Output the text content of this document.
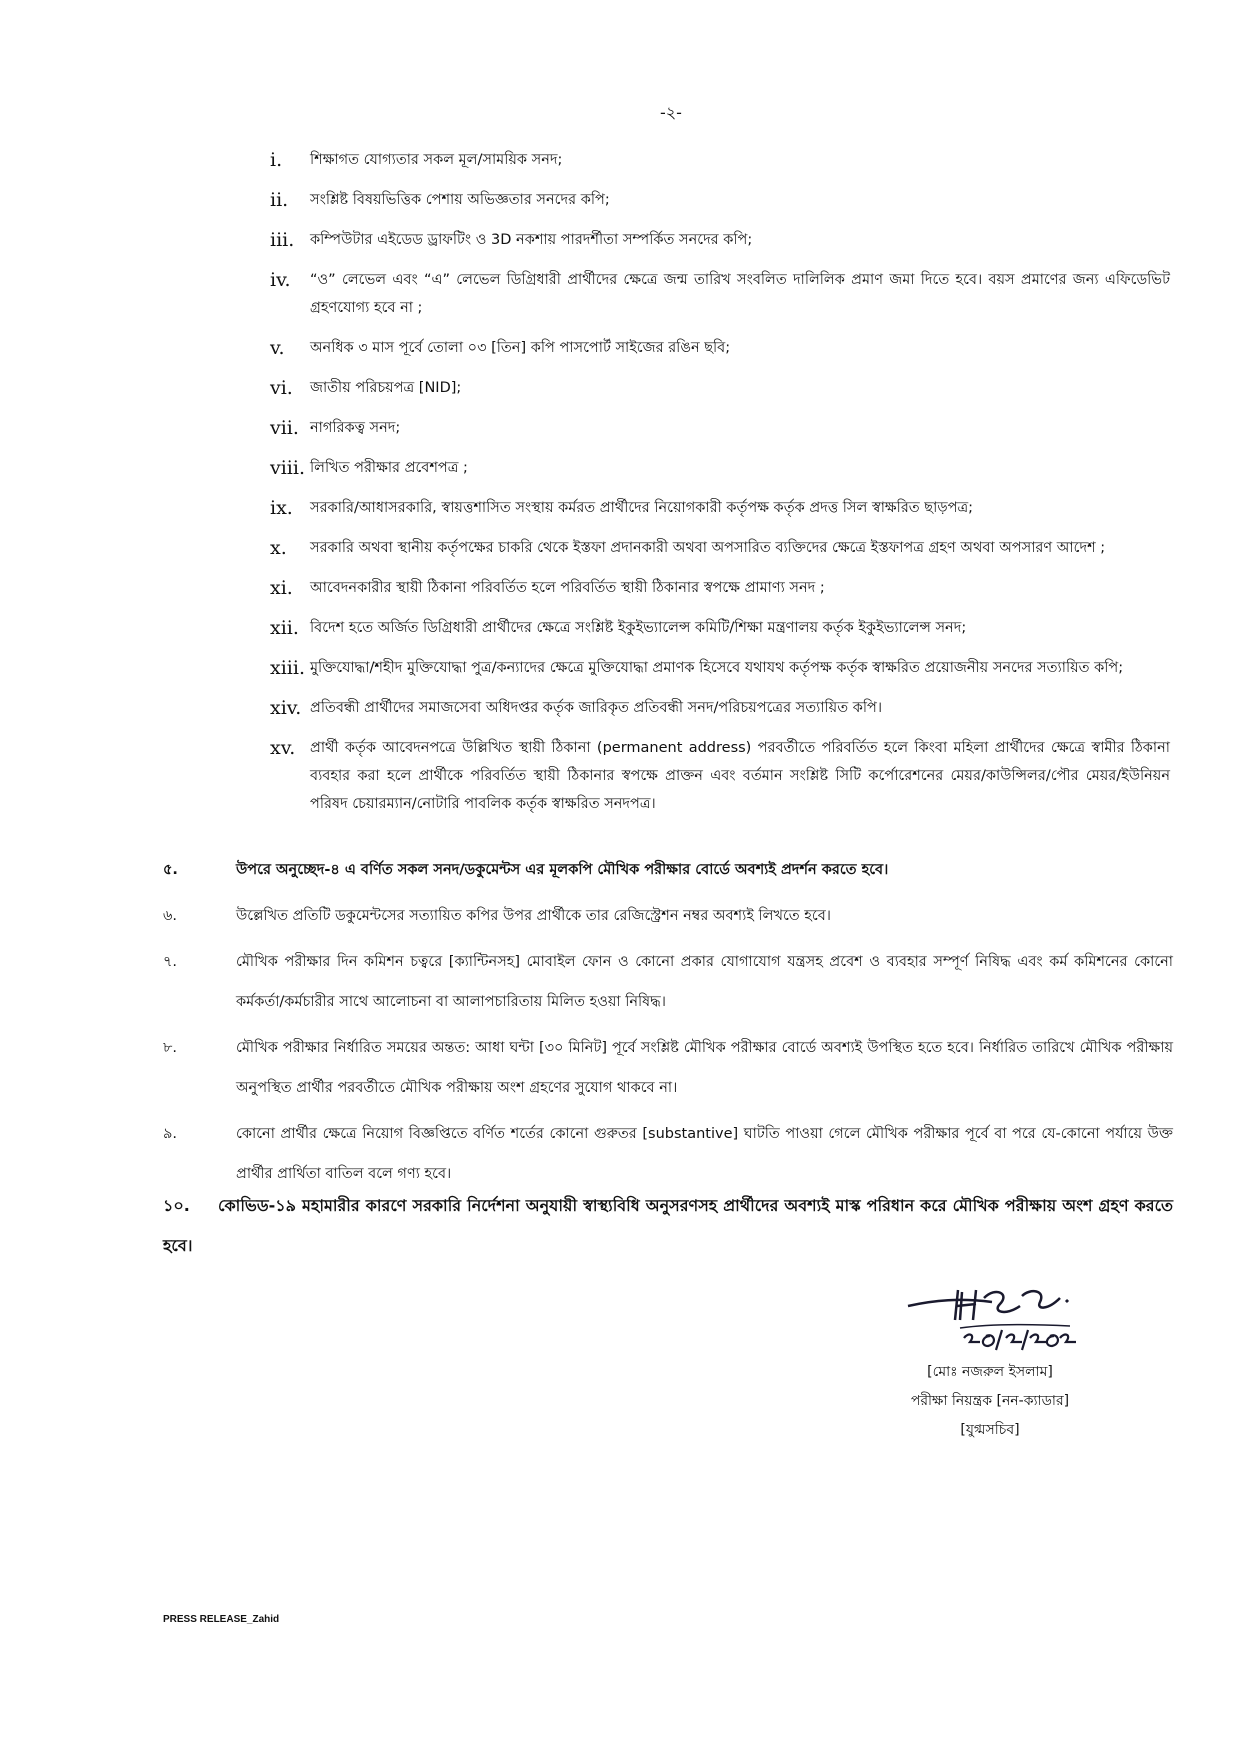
-২-
i.	শিক্ষাগত যোগ্যতার সকল মূল/সাময়িক সনদ;
ii.	সংশ্লিষ্ট বিষয়ভিত্তিক পেশায় অভিজ্ঞতার সনদের কপি;
iii.	কম্পিউটার এইডেড ড্রাফটিং ও 3D নকশায় পারদর্শীতা সম্পর্কিত সনদের কপি;
iv.	“ও” লেভেল এবং “এ” লেভেল ডিগ্রিধারী প্রার্থীদের ক্ষেত্রে জন্ম তারিখ সংবলিত দালিলিক প্রমাণ জমা দিতে হবে। বয়স প্রমাণের জন্য এফিডেভিট গ্রহণযোগ্য হবে না ;
v.	অনধিক ৩ মাস পূর্বে তোলা ০৩ [তিন] কপি পাসপোর্ট সাইজের রঙিন ছবি;
vi.	জাতীয় পরিচয়পত্র [NID];
vii. নাগরিকত্ব সনদ;
viii. লিখিত পরীক্ষার প্রবেশপত্র ;
ix.	সরকারি/আধাসরকারি, স্বায়ত্তশাসিত সংস্থায় কর্মরত প্রার্থীদের নিয়োগকারী কর্তৃপক্ষ কর্তৃক প্রদত্ত সিল স্বাক্ষরিত ছাড়পত্র;
x.	সরকারি অথবা স্থানীয় কর্তৃপক্ষের চাকরি থেকে ইস্তফা প্রদানকারী অথবা অপসারিত ব্যক্তিদের ক্ষেত্রে ইস্তফাপত্র গ্রহণ অথবা অপসারণ আদেশ ;
xi.	আবেদনকারীর স্থায়ী ঠিকানা পরিবর্তিত হলে পরিবর্তিত স্থায়ী ঠিকানার স্বপক্ষে প্রামাণ্য সনদ ;
xii. বিদেশ হতে অর্জিত ডিগ্রিধারী প্রার্থীদের ক্ষেত্রে সংশ্লিষ্ট ইকুইভ্যালেন্স কমিটি/শিক্ষা মন্ত্রণালয় কর্তৃক ইকুইভ্যালেন্স সনদ;
xiii. মুক্তিযোদ্ধা/শহীদ মুক্তিযোদ্ধা পুত্র/কন্যাদের ক্ষেত্রে মুক্তিযোদ্ধা প্রমাণক হিসেবে যথাযথ কর্তৃপক্ষ কর্তৃক স্বাক্ষরিত প্রয়োজনীয় সনদের সত্যায়িত কপি;
xiv. প্রতিবন্ধী প্রার্থীদের সমাজসেবা অধিদপ্তর কর্তৃক জারিকৃত প্রতিবন্ধী সনদ/পরিচয়পত্রের সত্যায়িত কপি।
xv.	প্রার্থী কর্তৃক আবেদনপত্রে উল্লিখিত স্থায়ী ঠিকানা (permanent address) পরবর্তীতে পরিবর্তিত হলে কিংবা মহিলা প্রার্থীদের ক্ষেত্রে স্বামীর ঠিকানা ব্যবহার করা হলে প্রার্থীকে পরিবর্তিত স্থায়ী ঠিকানার স্বপক্ষে প্রাক্তন এবং বর্তমান সংশ্লিষ্ট সিটি কর্পোরেশনের মেয়র/কাউন্সিলর/পৌর মেয়র/ইউনিয়ন পরিষদ চেয়ারম্যান/নোটারি পাবলিক কর্তৃক স্বাক্ষরিত সনদপত্র।
৫.	উপরে অনুচ্ছেদ-৪ এ বর্ণিত সকল সনদ/ডকুমেন্টস এর মূলকপি মৌখিক পরীক্ষার বোর্ডে অবশ্যই প্রদর্শন করতে হবে।
৬.	উল্লেখিত প্রতিটি ডকুমেন্টসের সত্যায়িত কপির উপর প্রার্থীকে তার রেজিস্ট্রেশন নম্বর অবশ্যই লিখতে হবে।
৭.	মৌখিক পরীক্ষার দিন কমিশন চত্বরে [ক্যান্টিনসহ] মোবাইল ফোন ও কোনো প্রকার যোগাযোগ যন্ত্রসহ প্রবেশ ও ব্যবহার সম্পূর্ণ নিষিদ্ধ এবং কর্ম কমিশনের কোনো কর্মকর্তা/কর্মচারীর সাথে আলোচনা বা আলাপচারিতায় মিলিত হওয়া নিষিদ্ধ।
৮.	মৌখিক পরীক্ষার নির্ধারিত সময়ের অন্তত: আধা ঘন্টা [৩০ মিনিট] পূর্বে সংশ্লিষ্ট মৌখিক পরীক্ষার বোর্ডে অবশ্যই উপস্থিত হতে হবে। নির্ধারিত তারিখে মৌখিক পরীক্ষায় অনুপস্থিত প্রার্থীর পরবর্তীতে মৌখিক পরীক্ষায় অংশ গ্রহণের সুযোগ থাকবে না।
৯.	কোনো প্রার্থীর ক্ষেত্রে নিয়োগ বিজ্ঞপ্তিতে বর্ণিত শর্তের কোনো গুরুতর [substantive] ঘাটতি পাওয়া গেলে মৌখিক পরীক্ষার পূর্বে বা পরে যে-কোনো পর্যায়ে উক্ত প্রার্থীর প্রার্থিতা বাতিল বলে গণ্য হবে।
১০. কোভিড-১৯ মহামারীর কারণে সরকারি নির্দেশনা অনুযায়ী স্বাস্থ্যবিধি অনুসরণসহ প্রার্থীদের অবশ্যই মাস্ক পরিধান করে মৌখিক পরীক্ষায় অংশ গ্রহণ করতে হবে।
[মোঃ নজরুল ইসলাম]
পরীক্ষা নিয়ন্ত্রক [নন-ক্যাডার]
[যুগ্মসচিব]
PRESS RELEASE_Zahid
